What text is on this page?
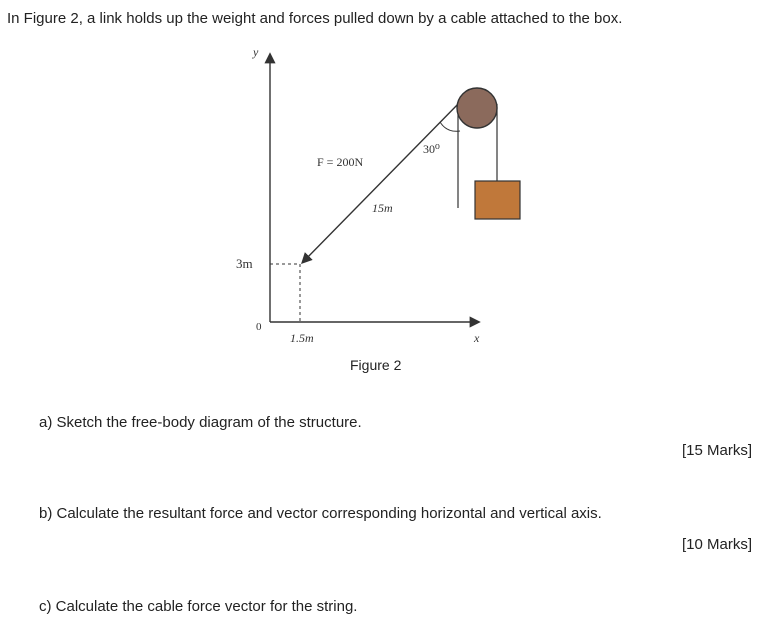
In Figure 2, a link holds up the weight and forces pulled down by a cable attached to the box.
y
x
0
3m
1.5m
F = 200N
15m
30⁰
Figure 2
a) Sketch the free-body diagram of the structure.
[15 Marks]
b) Calculate the resultant force and vector corresponding horizontal and vertical axis.
[10 Marks]
c) Calculate the cable force vector for the string.
